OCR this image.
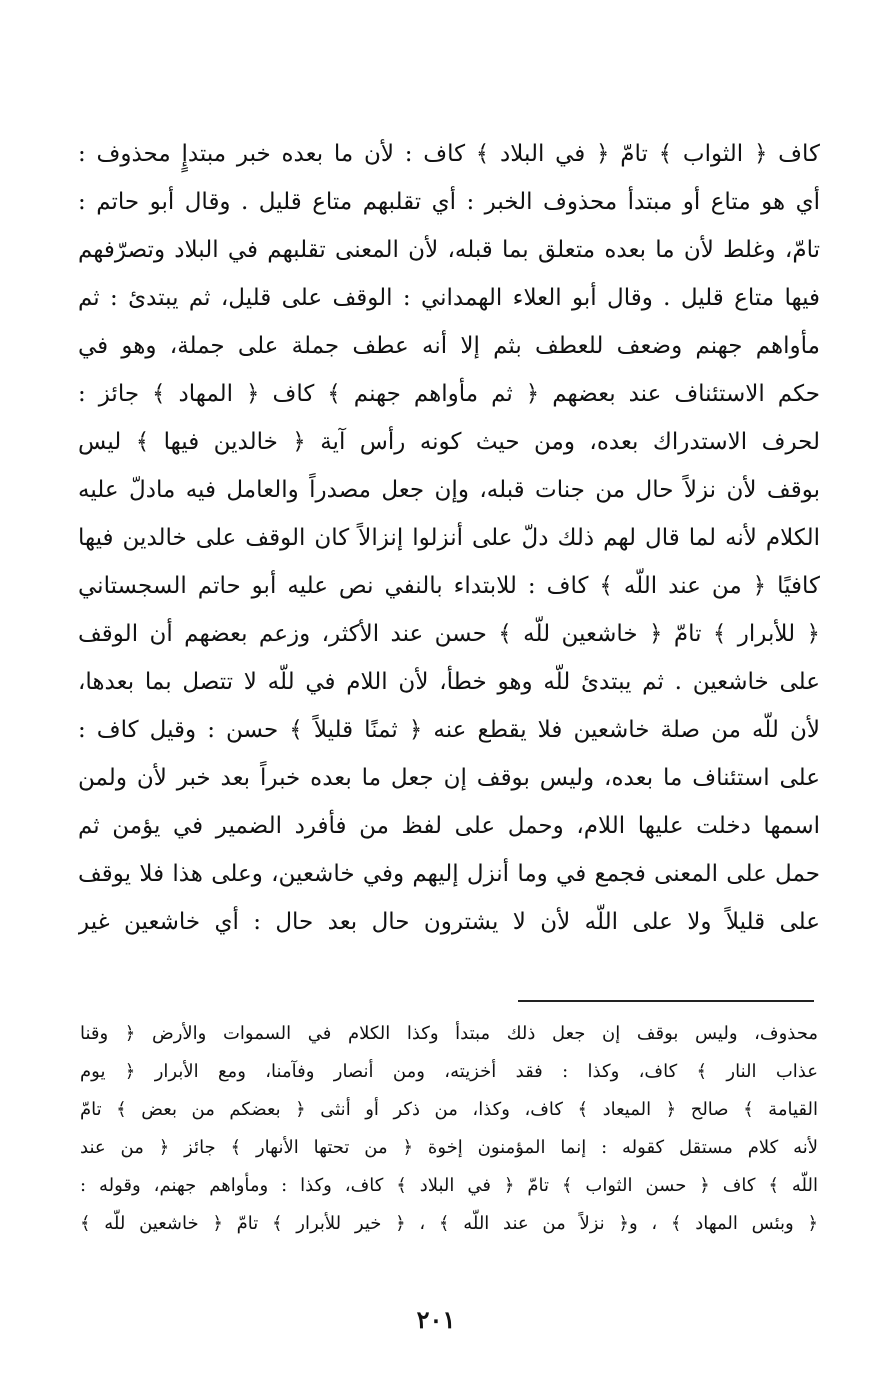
كاف ﴿ الثواب ﴾ تامّ ﴿ في البلاد ﴾ كاف : لأن ما بعده خبر مبتدإٍ محذوف :
أي هو متاع أو مبتدأ محذوف الخبر : أي تقلبهم متاع قليل . وقال أبو حاتم :
تامّ، وغلط لأن ما بعده متعلق بما قبله، لأن المعنى تقلبهم في البلاد وتصرّفهم
فيها متاع قليل . وقال أبو العلاء الهمداني : الوقف على قليل، ثم يبتدئ : ثم
مأواهم جهنم وضعف للعطف بثم إلا أنه عطف جملة على جملة، وهو في
حكم الاستئناف عند بعضهم ﴿ ثم مأواهم جهنم ﴾ كاف ﴿ المهاد ﴾ جائز :
لحرف الاستدراك بعده، ومن حيث كونه رأس آية ﴿ خالدين فيها ﴾ ليس
بوقف لأن نزلاً حال من جنات قبله، وإن جعل مصدراً والعامل فيه مادلّ عليه
الكلام لأنه لما قال لهم ذلك دلّ على أنزلوا إنزالاً كان الوقف على خالدين فيها
كافيًا ﴿ من عند اللّه ﴾ كاف : للابتداء بالنفي نص عليه أبو حاتم السجستاني
﴿ للأبرار ﴾ تامّ ﴿ خاشعين للّه ﴾ حسن عند الأكثر، وزعم بعضهم أن الوقف
على خاشعين . ثم يبتدئ للّه وهو خطأ، لأن اللام في للّه لا تتصل بما بعدها،
لأن للّه من صلة خاشعين فلا يقطع عنه ﴿ ثمنًا قليلاً ﴾ حسن : وقيل كاف :
على استئناف ما بعده، وليس بوقف إن جعل ما بعده خبراً بعد خبر لأن ولمن
اسمها دخلت عليها اللام، وحمل على لفظ من فأفرد الضمير في يؤمن ثم
حمل على المعنى فجمع في وما أنزل إليهم وفي خاشعين، وعلى هذا فلا يوقف
على قليلاً ولا على اللّه لأن لا يشترون حال بعد حال : أي خاشعين غير
محذوف، وليس بوقف إن جعل ذلك مبتدأ وكذا الكلام في السموات والأرض ﴿ وقنا
عذاب النار ﴾ كاف، وكذا : فقد أخزيته، ومن أنصار وفآمنا، ومع الأبرار ﴿ يوم
القيامة ﴾ صالح ﴿ الميعاد ﴾ كاف، وكذا، من ذكر أو أنثى ﴿ بعضكم من بعض ﴾ تامّ
لأنه كلام مستقل كقوله : إنما المؤمنون إخوة ﴿ من تحتها الأنهار ﴾ جائز ﴿ من عند
اللّه ﴾ كاف ﴿ حسن الثواب ﴾ تامّ ﴿ في البلاد ﴾ كاف، وكذا : ومأواهم جهنم، وقوله :
﴿ وبئس المهاد ﴾ ، و﴿ نزلاً من عند اللّه ﴾ ، ﴿ خير للأبرار ﴾ تامّ ﴿ خاشعين للّه ﴾
٢٠١
